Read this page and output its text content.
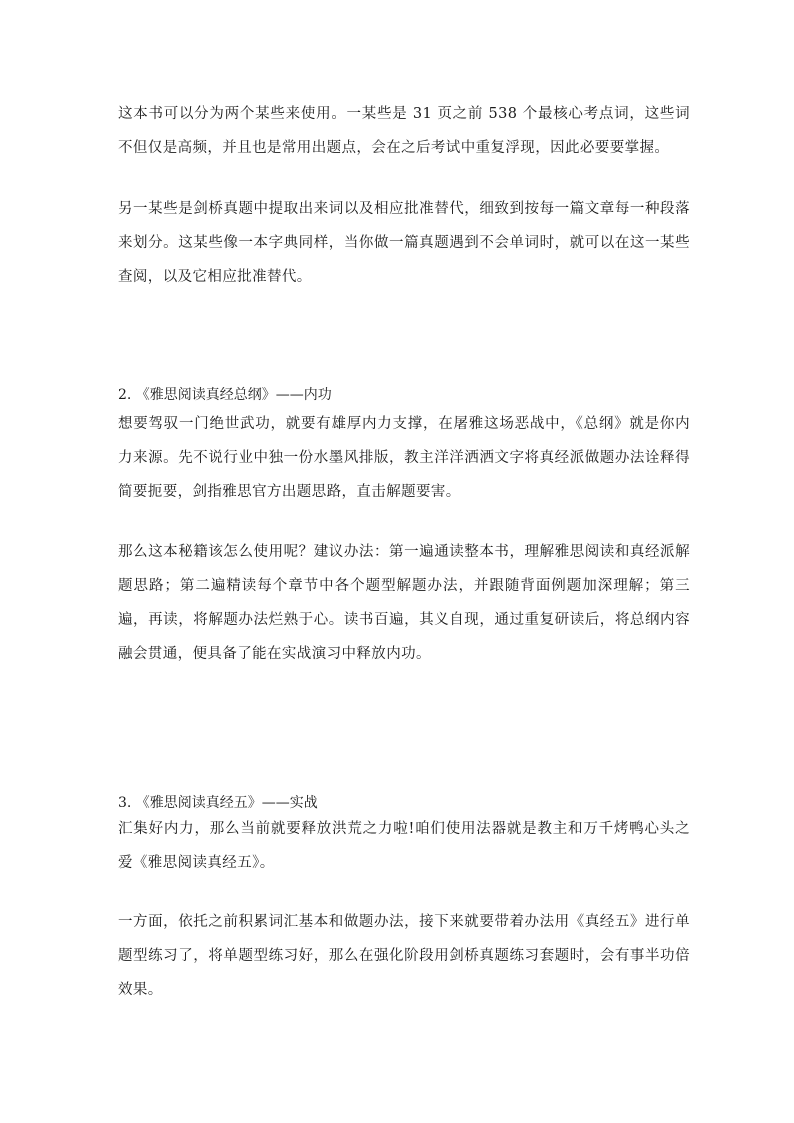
这本书可以分为两个某些来使用。一某些是 31 页之前 538 个最核心考点词，这些词不但仅是高频，并且也是常用出题点，会在之后考试中重复浮现，因此必要要掌握。
另一某些是剑桥真题中提取出来词以及相应批准替代，细致到按每一篇文章每一种段落来划分。这某些像一本字典同样，当你做一篇真题遇到不会单词时，就可以在这一某些查阅，以及它相应批准替代。
2. 《雅思阅读真经总纲》——内功
想要驾驭一门绝世武功，就要有雄厚内力支撑，在屠雅这场恶战中，《总纲》就是你内力来源。先不说行业中独一份水墨风排版，教主洋洋洒洒文字将真经派做题办法诠释得简要扼要，剑指雅思官方出题思路，直击解题要害。
那么这本秘籍该怎么使用呢？建议办法：第一遍通读整本书，理解雅思阅读和真经派解题思路；第二遍精读每个章节中各个题型解题办法，并跟随背面例题加深理解；第三遍，再读，将解题办法烂熟于心。读书百遍，其义自现，通过重复研读后，将总纲内容融会贯通，便具备了能在实战演习中释放内功。
3. 《雅思阅读真经五》——实战
汇集好内力，那么当前就要释放洪荒之力啦!咱们使用法器就是教主和万千烤鸭心头之爱《雅思阅读真经五》。
一方面，依托之前积累词汇基本和做题办法，接下来就要带着办法用《真经五》进行单题型练习了，将单题型练习好，那么在强化阶段用剑桥真题练习套题时，会有事半功倍效果。
